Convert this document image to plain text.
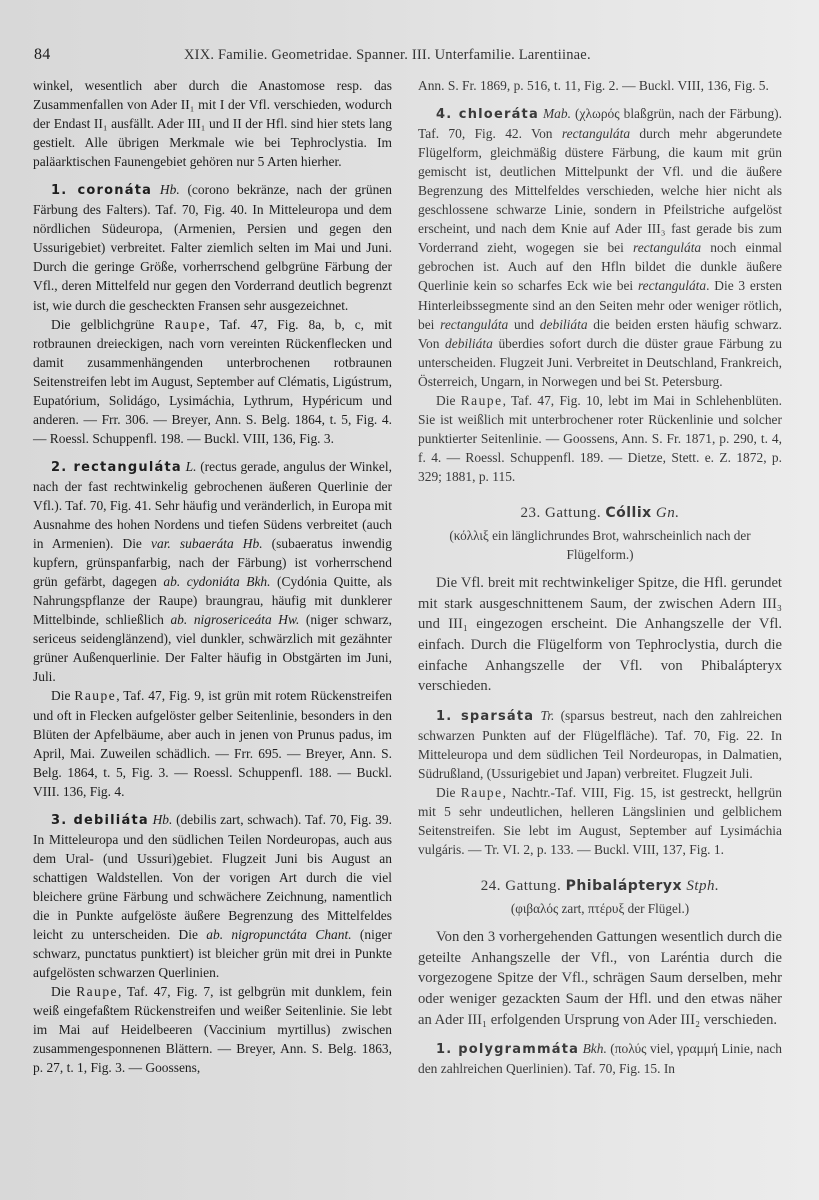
84	XIX. Familie. Geometridae. Spanner. III. Unterfamilie. Larentiinae.

winkel, wesentlich aber durch die Anastomose resp. das Zusammenfallen von Ader II₁ mit I der Vfl. verschieden, wodurch der Endast II₁ ausfällt. Ader III₁ und II der Hfl. sind hier stets lang gestielt. Alle übrigen Merkmale wie bei Tephroclystia. Im paläarktischen Faunengebiet gehören nur 5 Arten hierher.

1. coronáta Hb. (corono bekränze, nach der grünen Färbung des Falters). Taf. 70, Fig. 40. In Mitteleuropa und dem nördlichen Südeuropa, (Armenien, Persien und gegen den Ussurigebiet) verbreitet. Falter ziemlich selten im Mai und Juni. Durch die geringe Größe, vorherrschend gelbgrüne Färbung der Vfl., deren Mittelfeld nur gegen den Vorderrand deutlich begrenzt ist, wie durch die gescheckten Fransen sehr ausgezeichnet.

Die gelblichgrüne Raupe, Taf. 47, Fig. 8a, b, c, mit rotbraunen dreieckigen, nach vorn vereinten Rückenflecken und damit zusammenhängenden unterbrochenen rotbraunen Seitenstreifen lebt im August, September auf Clématis, Ligústrum, Eupatórium, Solidágo, Lysimáchia, Lythrum, Hypéricum und anderen. — Frr. 306. — Breyer, Ann. S. Belg. 1864, t. 5, Fig. 4. — Roessl. Schuppenfl. 198. — Buckl. VIII, 136, Fig. 3.

2. rectanguláta L. (rectus gerade, angulus der Winkel, nach der fast rechtwinkelig gebrochenen äußeren Querlinie der Vfl.). Taf. 70, Fig. 41. Sehr häufig und veränderlich, in Europa mit Ausnahme des hohen Nordens und tiefen Südens verbreitet (auch in Armenien). Die var. subaeráta Hb. (subaeratus inwendig kupfern, grünspanfarbig, nach der Färbung) ist vorherrschend grün gefärbt, dagegen ab. cydoniáta Bkh. (Cydónia Quitte, als Nahrungspflanze der Raupe) braungrau, häufig mit dunklerer Mittelbinde, schließlich ab. nigrosericeáta Hw. (niger schwarz, sericeus seidenglänzend), viel dunkler, schwärzlich mit gezähnter grüner Außenquerlinie. Der Falter häufig in Obstgärten im Juni, Juli.

Die Raupe, Taf. 47, Fig. 9, ist grün mit rotem Rückenstreifen und oft in Flecken aufgelöster gelber Seitenlinie, besonders in den Blüten der Apfelbäume, aber auch in jenen von Prunus padus, im April, Mai. Zuweilen schädlich. — Frr. 695. — Breyer, Ann. S. Belg. 1864, t. 5, Fig. 3. — Roessl. Schuppenfl. 188. — Buckl. VIII. 136, Fig. 4.

3. debiliáta Hb. (debilis zart, schwach). Taf. 70, Fig. 39. In Mitteleuropa und den südlichen Teilen Nordeuropas, auch aus dem Ural- (und Ussuri)gebiet. Flugzeit Juni bis August an schattigen Waldstellen. Von der vorigen Art durch die viel bleichere grüne Färbung und schwächere Zeichnung, namentlich die in Punkte aufgelöste äußere Begrenzung des Mittelfeldes leicht zu unterscheiden. Die ab. nigropunctáta Chant. (niger schwarz, punctatus punktiert) ist bleicher grün mit drei in Punkte aufgelösten schwarzen Querlinien.

Die Raupe, Taf. 47, Fig. 7, ist gelbgrün mit dunklem, fein weiß eingefaßtem Rückenstreifen und weißer Seitenlinie. Sie lebt im Mai auf Heidelbeeren (Vaccinium myrtillus) zwischen zusammengesponnenen Blättern. — Breyer, Ann. S. Belg. 1863, p. 27, t. 1, Fig. 3. — Goossens,

Ann. S. Fr. 1869, p. 516, t. 11, Fig. 2. — Buckl. VIII, 136, Fig. 5.

4. chloeráta Mab. (χλωρός blaßgrün, nach der Färbung). Taf. 70, Fig. 42. Von rectanguláta durch mehr abgerundete Flügelform, gleichmäßig düstere Färbung, die kaum mit grün gemischt ist, deutlichen Mittelpunkt der Vfl. und die äußere Begrenzung des Mittelfeldes verschieden, welche hier nicht als geschlossene schwarze Linie, sondern in Pfeilstriche aufgelöst erscheint, und nach dem Knie auf Ader III₃ fast gerade bis zum Vorderrand zieht, wogegen sie bei rectanguláta noch einmal gebrochen ist. Auch auf den Hfln bildet die dunkle äußere Querlinie kein so scharfes Eck wie bei rectanguláta. Die 3 ersten Hinterleibssegmente sind an den Seiten mehr oder weniger rötlich, bei rectanguláta und debiliáta die beiden ersten häufig schwarz. Von debiliáta überdies sofort durch die düster graue Färbung zu unterscheiden. Flugzeit Juni. Verbreitet in Deutschland, Frankreich, Österreich, Ungarn, in Norwegen und bei St. Petersburg.

Die Raupe, Taf. 47, Fig. 10, lebt im Mai in Schlehenblüten. Sie ist weißlich mit unterbrochener roter Rückenlinie und solcher punktierter Seitenlinie. — Goossens, Ann. S. Fr. 1871, p. 290, t. 4, f. 4. — Roessl. Schuppenfl. 189. — Dietze, Stett. e. Z. 1872, p. 329; 1881, p. 115.

23. Gattung. Cóllix Gn.
(κόλλιξ ein länglichrundes Brot, wahrscheinlich nach der Flügelform.)

Die Vfl. breit mit rechtwinkeliger Spitze, die Hfl. gerundet mit stark ausgeschnittenem Saum, der zwischen Adern III₃ und III₁ eingezogen erscheint. Die Anhangszelle der Vfl. einfach. Durch die Flügelform von Tephroclystia, durch die einfache Anhangszelle der Vfl. von Phibalápteryx verschieden.

1. sparsáta Tr. (sparsus bestreut, nach den zahlreichen schwarzen Punkten auf der Flügelfläche). Taf. 70, Fig. 22. In Mitteleuropa und dem südlichen Teil Nordeuropas, in Dalmatien, Südrußland, (Ussurigebiet und Japan) verbreitet. Flugzeit Juli.

Die Raupe, Nachtr.-Taf. VIII, Fig. 15, ist gestreckt, hellgrün mit 5 sehr undeutlichen, helleren Längslinien und gelblichem Seitenstreifen. Sie lebt im August, September auf Lysimáchia vulgáris. — Tr. VI. 2, p. 133. — Buckl. VIII, 137, Fig. 1.

24. Gattung. Phibalápteryx Stph.
(φιβαλός zart, πτέρυξ der Flügel.)

Von den 3 vorhergehenden Gattungen wesentlich durch die geteilte Anhangszelle der Vfl., von Laréntia durch die vorgezogene Spitze der Vfl., schrägen Saum derselben, mehr oder weniger gezackten Saum der Hfl. und den etwas näher an Ader III₁ erfolgenden Ursprung von Ader III₂ verschieden.

1. polygrammáta Bkh. (πολύς viel, γραμμή Linie, nach den zahlreichen Querlinien). Taf. 70, Fig. 15. In
